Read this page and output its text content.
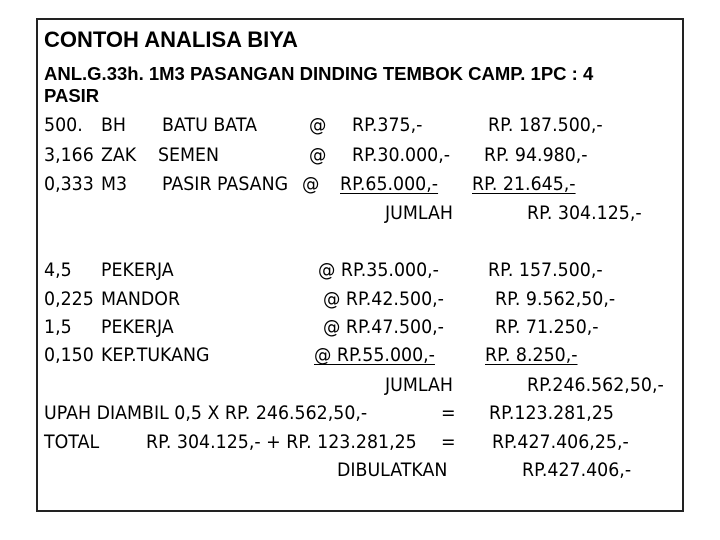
CONTOH ANALISA BIYA
ANL.G.33h. 1M3 PASANGAN DINDING TEMBOK CAMP. 1PC : 4
PASIR
500. BH BATU BATA	@ RP.375,-	RP. 187.500,-
3,166 ZAK SEMEN	@ RP.30.000,- RP. 94.980,-
0,333 M3 PASIR PASANG @ RP.65.000,- RP. 21.645,-
JUMLAH	RP. 304.125,-
4,5 PEKERJA	@ RP.35.000,-	RP. 157.500,-
0,225 MANDOR	@ RP.42.500,-	RP. 9.562,50,-
1,5 PEKERJA	@ RP.47.500,-	RP. 71.250,-
0,150 KEP.TUKANG	@ RP.55.000,-	RP. 8.250,-
JUMLAH	RP.246.562,50,-
UPAH DIAMBIL 0,5 X RP. 246.562,50,-	= RP.123.281,25
TOTAL	RP. 304.125,- + RP. 123.281,25 = RP.427.406,25,-
DIBULATKAN	RP.427.406,-
